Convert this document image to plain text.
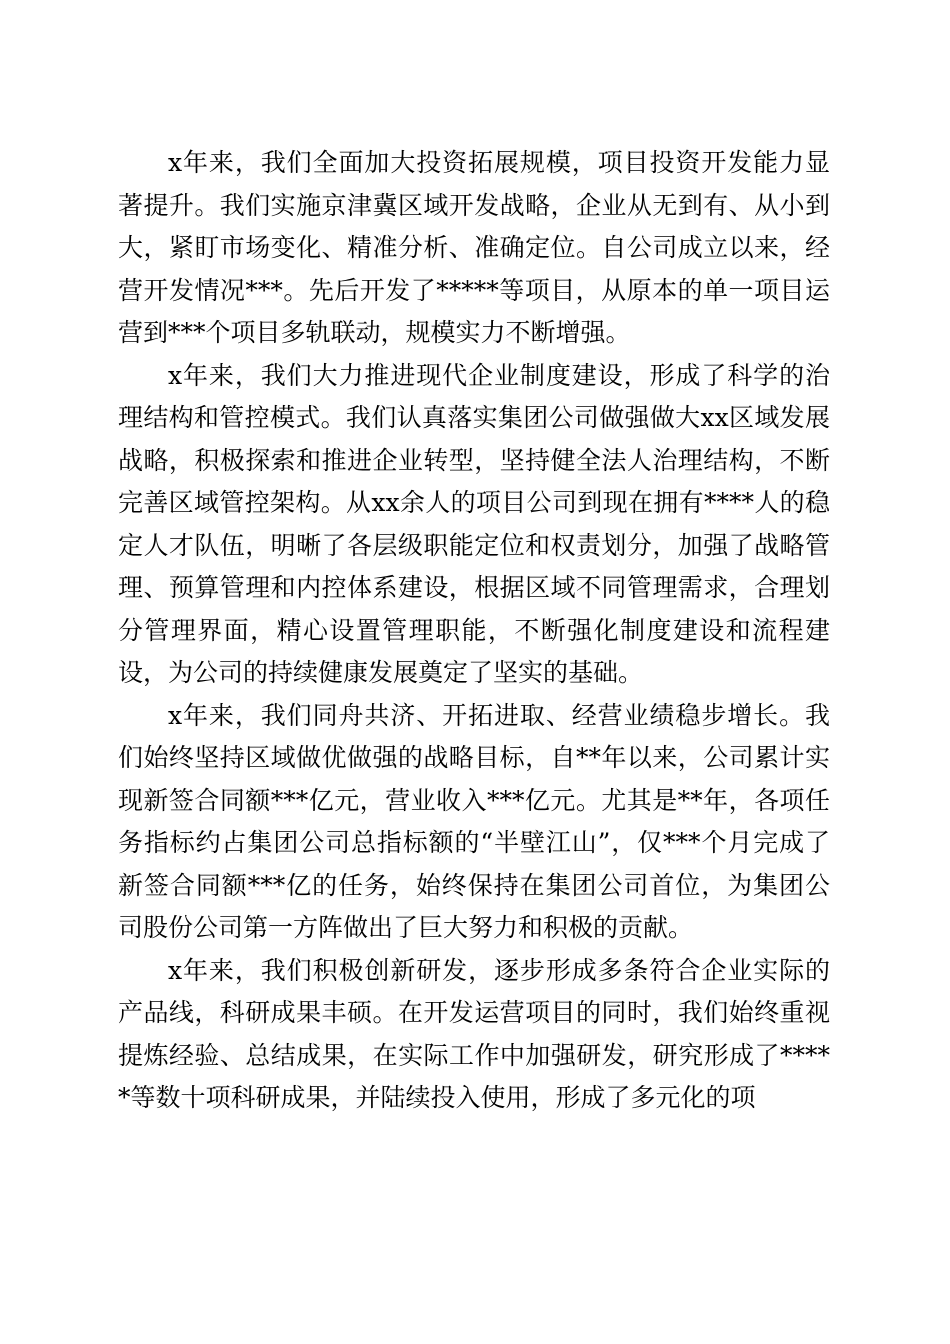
x年来，我们全面加大投资拓展规模，项目投资开发能力显著提升。我们实施京津冀区域开发战略，企业从无到有、从小到大，紧盯市场变化、精准分析、准确定位。自公司成立以来，经营开发情况***。先后开发了*****等项目，从原本的单一项目运营到***个项目多轨联动，规模实力不断增强。

x年来，我们大力推进现代企业制度建设，形成了科学的治理结构和管控模式。我们认真落实集团公司做强做大xx区域发展战略，积极探索和推进企业转型，坚持健全法人治理结构，不断完善区域管控架构。从xx余人的项目公司到现在拥有****人的稳定人才队伍，明晰了各层级职能定位和权责划分，加强了战略管理、预算管理和内控体系建设，根据区域不同管理需求，合理划分管理界面，精心设置管理职能，不断强化制度建设和流程建设，为公司的持续健康发展奠定了坚实的基础。

x年来，我们同舟共济、开拓进取、经营业绩稳步增长。我们始终坚持区域做优做强的战略目标，自**年以来，公司累计实现新签合同额***亿元，营业收入***亿元。尤其是**年，各项任务指标约占集团公司总指标额的“半壁江山”，仅***个月完成了新签合同额***亿的任务，始终保持在集团公司首位，为集团公司股份公司第一方阵做出了巨大努力和积极的贡献。

x年来，我们积极创新研发，逐步形成多条符合企业实际的产品线，科研成果丰硕。在开发运营项目的同时，我们始终重视提炼经验、总结成果，在实际工作中加强研发，研究形成了*****等数十项科研成果，并陆续投入使用，形成了多元化的项
